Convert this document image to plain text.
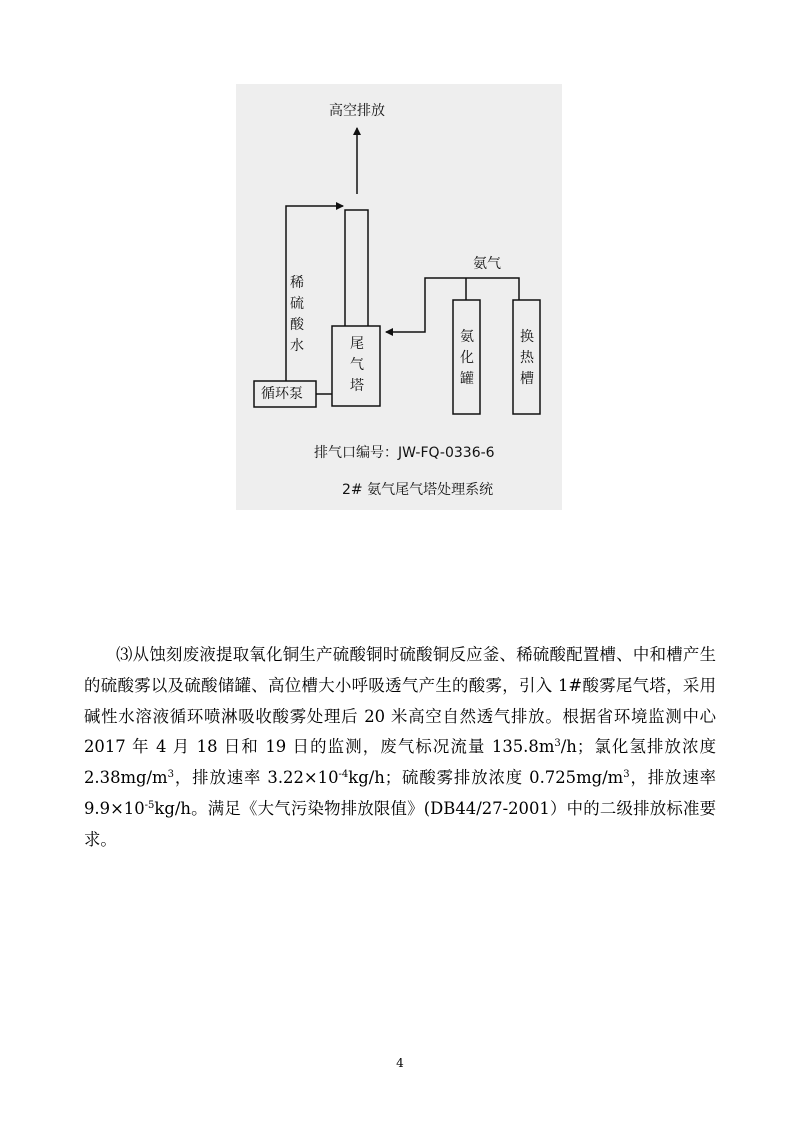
高空排放
稀硫酸水	尾气塔
氨气
氨化罐
换热槽
循环泵
排气口编号：JW-FQ-0336-6
2# 氨气尾气塔处理系统

⑶从蚀刻废液提取氧化铜生产硫酸铜时硫酸铜反应釜、稀硫酸配置槽、中和槽产生的硫酸雾以及硫酸储罐、高位槽大小呼吸透气产生的酸雾，引入 1#酸雾尾气塔，采用碱性水溶液循环喷淋吸收酸雾处理后 20 米高空自然透气排放。根据省环境监测中心 2017 年 4 月 18 日和 19 日的监测，废气标况流量 $135.8m^3/h$；氯化氢排放浓度 $2.38mg/m^3$，排放速率 $3.22\times 10^{-4}kg/h$；硫酸雾排放浓度 $0.725mg/m^3$，排放速率 $9.9\times 10^{-5}kg/h$。满足《大气污染物排放限值》(DB44/27-2001）中的二级排放标准要求。

4
